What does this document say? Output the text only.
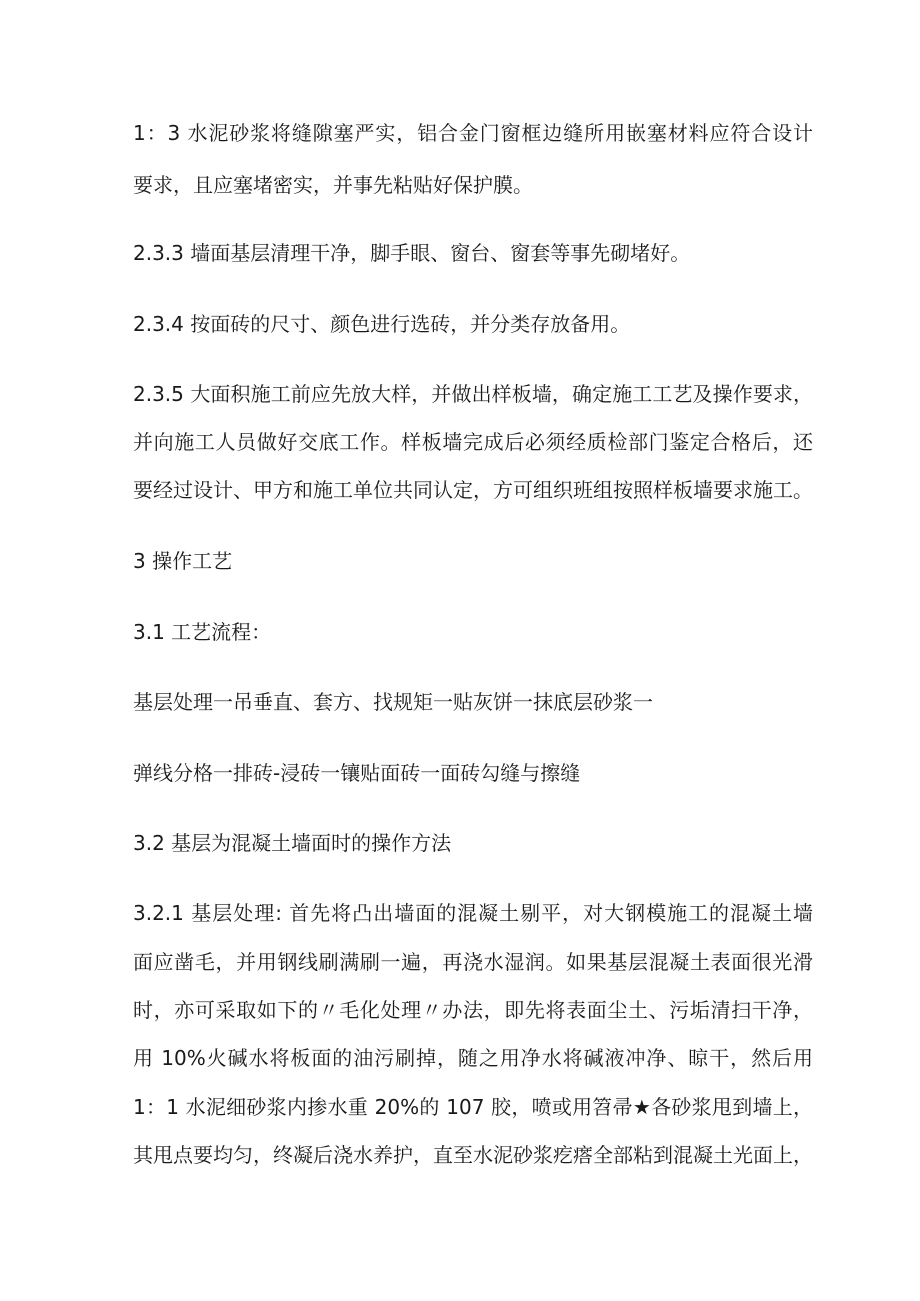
1：3 水泥砂浆将缝隙塞严实，铝合金门窗框边缝所用嵌塞材料应符合设计
要求，且应塞堵密实，并事先粘贴好保护膜。
2.3.3 墙面基层清理干净，脚手眼、窗台、窗套等事先砌堵好。
2.3.4 按面砖的尺寸、颜色进行选砖，并分类存放备用。
2.3.5 大面积施工前应先放大样，并做出样板墙，确定施工工艺及操作要求，
并向施工人员做好交底工作。样板墙完成后必须经质检部门鉴定合格后，还
要经过设计、甲方和施工单位共同认定，方可组织班组按照样板墙要求施工。
3 操作工艺
3.1 工艺流程：
基层处理一吊垂直、套方、找规矩一贴灰饼一抹底层砂浆一
弹线分格一排砖-浸砖一镶贴面砖一面砖勾缝与擦缝
3.2 基层为混凝土墙面时的操作方法
3.2.1 基层处理: 首先将凸出墙面的混凝土剔平，对大钢模施工的混凝土墙
面应凿毛，并用钢线刷满刷一遍，再浇水湿润。如果基层混凝土表面很光滑
时，亦可采取如下的〃毛化处理〃办法，即先将表面尘土、污垢清扫干净，
用 10%火碱水将板面的油污刷掉，随之用净水将碱液冲净、晾干，然后用
1：1 水泥细砂浆内掺水重 20%的 107 胶，喷或用笤帚★各砂浆甩到墙上，
其甩点要均匀，终凝后浇水养护，直至水泥砂浆疙瘩全部粘到混凝土光面上，
